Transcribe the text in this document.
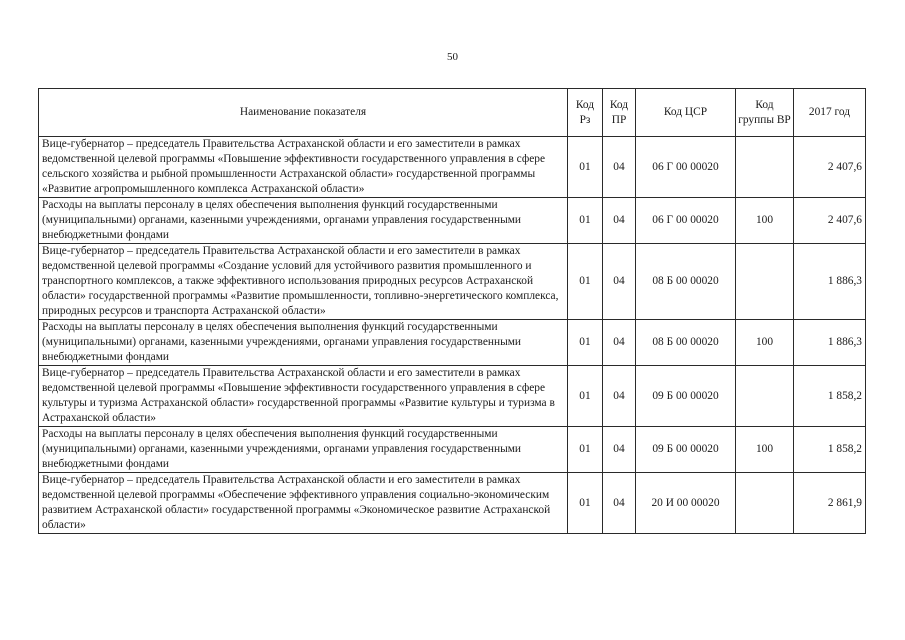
50
Наименование показателя	Код Рз	Код ПР	Код ЦСР	Код группы ВР	2017 год
Вице-губернатор – председатель Правительства Астраханской области и его заместители в рамках ведомственной целевой программы «Повышение эффективности государственного управления в сфере сельского хозяйства и рыбной промышленности Астраханской области» государственной программы «Развитие агропромышленного комплекса Астраханской области»	01	04	06 Г 00 00020		2 407,6
Расходы на выплаты персоналу в целях обеспечения выполнения функций государственными (муниципальными) органами, казенными учреждениями, органами управления государственными внебюджетными фондами	01	04	06 Г 00 00020	100	2 407,6
Вице-губернатор – председатель Правительства Астраханской области и его заместители в рамках ведомственной целевой программы «Создание условий для устойчивого развития промышленного и транспортного комплексов, а также эффективного использования природных ресурсов Астраханской области» государственной программы «Развитие промышленности, топливно-энергетического комплекса, природных ресурсов и транспорта Астраханской области»	01	04	08 Б 00 00020		1 886,3
Расходы на выплаты персоналу в целях обеспечения выполнения функций государственными (муниципальными) органами, казенными учреждениями, органами управления государственными внебюджетными фондами	01	04	08 Б 00 00020	100	1 886,3
Вице-губернатор – председатель Правительства Астраханской области и его заместители в рамках ведомственной целевой программы «Повышение эффективности государственного управления в сфере культуры и туризма Астраханской области» государственной программы «Развитие культуры и туризма в Астраханской области»	01	04	09 Б 00 00020		1 858,2
Расходы на выплаты персоналу в целях обеспечения выполнения функций государственными (муниципальными) органами, казенными учреждениями, органами управления государственными внебюджетными фондами	01	04	09 Б 00 00020	100	1 858,2
Вице-губернатор – председатель Правительства Астраханской области и его заместители в рамках ведомственной целевой программы «Обеспечение эффективного управления социально-экономическим развитием Астраханской области» государственной программы «Экономическое развитие Астраханской области»	01	04	20 И 00 00020		2 861,9
